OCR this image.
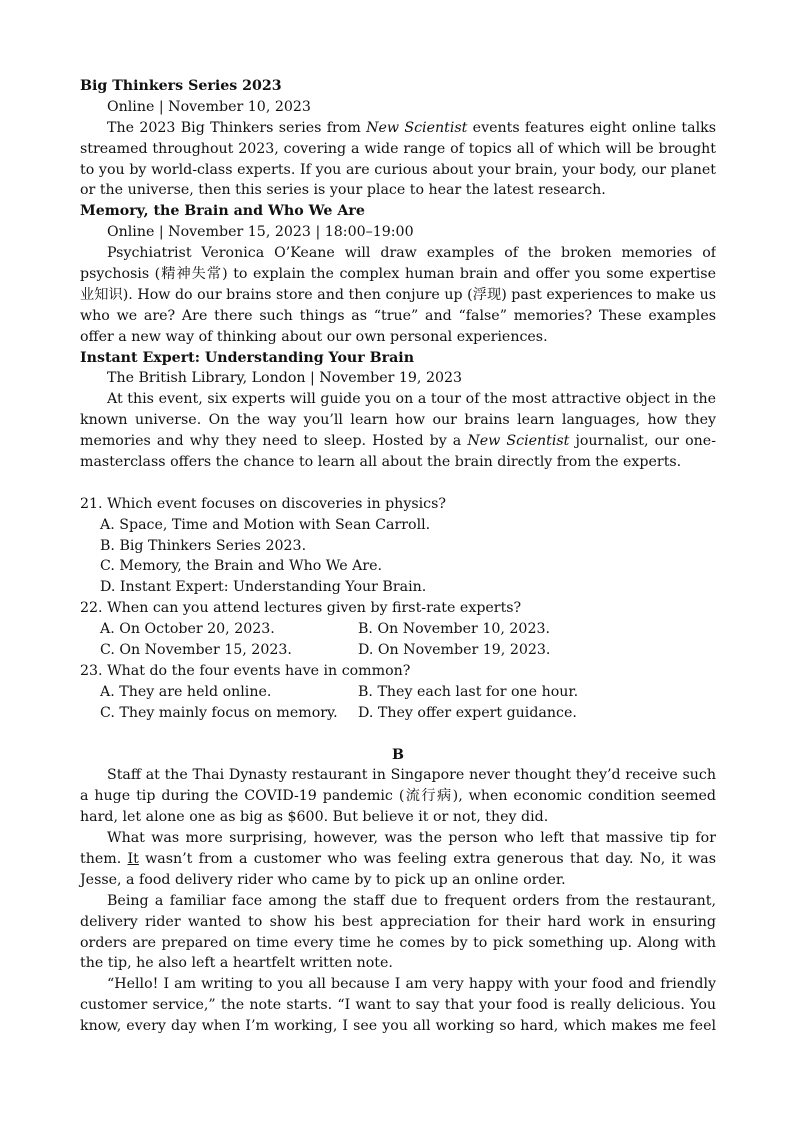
Big Thinkers Series 2023
Online | November 10, 2023
The 2023 Big Thinkers series from New Scientist events features eight online talks
streamed throughout 2023, covering a wide range of topics all of which will be brought
to you by world-class experts. If you are curious about your brain, your body, our planet
or the universe, then this series is your place to hear the latest research.
Memory, the Brain and Who We Are
Online | November 15, 2023 | 18:00–19:00
Psychiatrist Veronica O’Keane will draw examples of the broken memories of
psychosis (精神失常) to explain the complex human brain and offer you some expertise
业知识). How do our brains store and then conjure up (浮现) past experiences to make us
who we are? Are there such things as “true” and “false” memories? These examples
offer a new way of thinking about our own personal experiences.
Instant Expert: Understanding Your Brain
The British Library, London | November 19, 2023
At this event, six experts will guide you on a tour of the most attractive object in the
known universe. On the way you’ll learn how our brains learn languages, how they
memories and why they need to sleep. Hosted by a New Scientist journalist, our one-
masterclass offers the chance to learn all about the brain directly from the experts.
21. Which event focuses on discoveries in physics?
A. Space, Time and Motion with Sean Carroll.
B. Big Thinkers Series 2023.
C. Memory, the Brain and Who We Are.
D. Instant Expert: Understanding Your Brain.
22. When can you attend lectures given by first-rate experts?
A. On October 20, 2023.	B. On November 10, 2023.
C. On November 15, 2023.	D. On November 19, 2023.
23. What do the four events have in common?
A. They are held online.	B. They each last for one hour.
C. They mainly focus on memory.	D. They offer expert guidance.
B
Staff at the Thai Dynasty restaurant in Singapore never thought they’d receive such
a huge tip during the COVID-19 pandemic (流行病), when economic condition seemed
hard, let alone one as big as $600. But believe it or not, they did.
What was more surprising, however, was the person who left that massive tip for
them. It wasn’t from a customer who was feeling extra generous that day. No, it was
Jesse, a food delivery rider who came by to pick up an online order.
Being a familiar face among the staff due to frequent orders from the restaurant,
delivery rider wanted to show his best appreciation for their hard work in ensuring
orders are prepared on time every time he comes by to pick something up. Along with
the tip, he also left a heartfelt written note.
“Hello! I am writing to you all because I am very happy with your food and friendly
customer service,” the note starts. “I want to say that your food is really delicious. You
know, every day when I’m working, I see you all working so hard, which makes me feel
